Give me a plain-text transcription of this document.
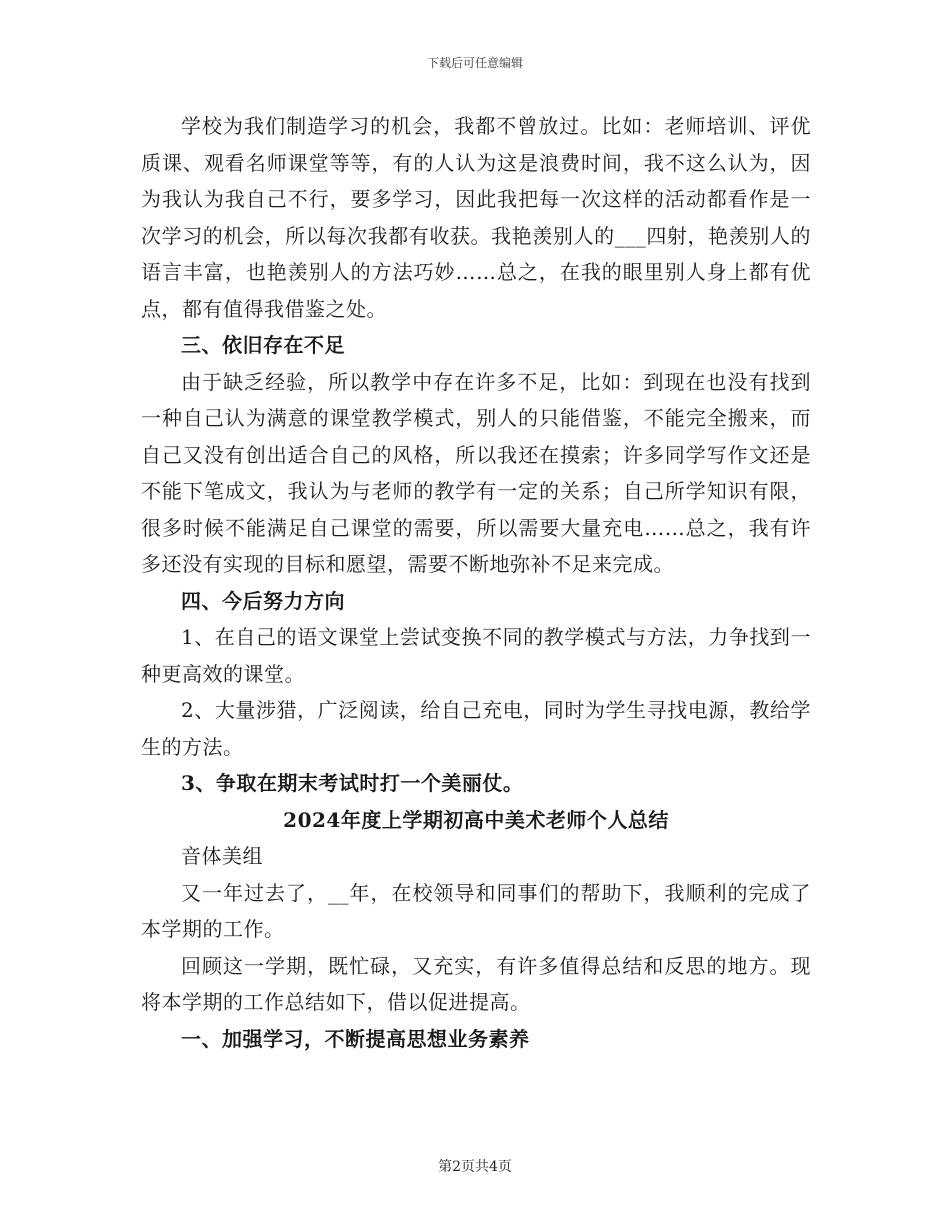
下载后可任意编辑

学校为我们制造学习的机会，我都不曾放过。比如：老师培训、评优质课、观看名师课堂等等，有的人认为这是浪费时间，我不这么认为，因为我认为我自己不行，要多学习，因此我把每一次这样的活动都看作是一次学习的机会，所以每次我都有收获。我艳羡别人的___四射，艳羡别人的语言丰富，也艳羡别人的方法巧妙……总之，在我的眼里别人身上都有优点，都有值得我借鉴之处。

三、依旧存在不足

由于缺乏经验，所以教学中存在许多不足，比如：到现在也没有找到一种自己认为满意的课堂教学模式，别人的只能借鉴，不能完全搬来，而自己又没有创出适合自己的风格，所以我还在摸索；许多同学写作文还是不能下笔成文，我认为与老师的教学有一定的关系；自己所学知识有限，很多时候不能满足自己课堂的需要，所以需要大量充电……总之，我有许多还没有实现的目标和愿望，需要不断地弥补不足来完成。

四、今后努力方向

1、在自己的语文课堂上尝试变换不同的教学模式与方法，力争找到一种更高效的课堂。

2、大量涉猎，广泛阅读，给自己充电，同时为学生寻找电源，教给学生的方法。

3、争取在期末考试时打一个美丽仗。

2024年度上学期初高中美术老师个人总结

音体美组

又一年过去了，__年，在校领导和同事们的帮助下，我顺利的完成了本学期的工作。

回顾这一学期，既忙碌，又充实，有许多值得总结和反思的地方。现将本学期的工作总结如下，借以促进提高。

一、加强学习，不断提高思想业务素养

第2页共4页
